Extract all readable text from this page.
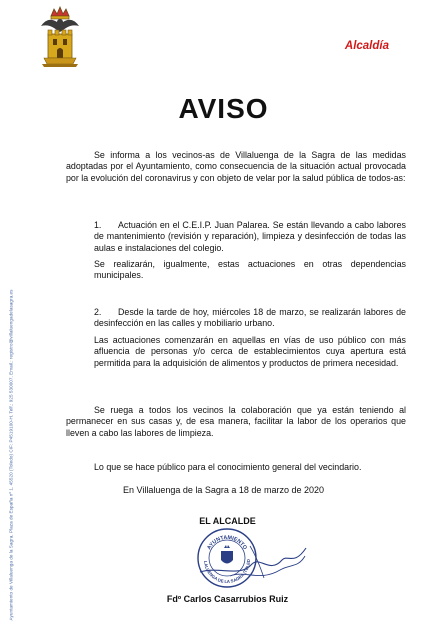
Alcaldía
Ayuntamiento de Villaluenga de la Sagra. Plaza de España nº 1. 45520 (Toledo) CIF: P4519100-H. Telf.: 925 530007. Email.: registro@villaluengadelasagra.es
AVISO

Se informa a los vecinos-as de Villaluenga de la Sagra de las medidas adoptadas por el Ayuntamiento, como consecuencia de la situación actual provocada por la evolución del coronavirus y con objeto de velar por la salud pública de todos-as:

1. Actuación en el C.E.I.P. Juan Palarea. Se están llevando a cabo labores de mantenimiento (revisión y reparación), limpieza y desinfección de todas las aulas e instalaciones del colegio.

Se realizarán, igualmente, estas actuaciones en otras dependencias municipales.

2. Desde la tarde de hoy, miércoles 18 de marzo, se realizarán labores de desinfección en las calles y mobiliario urbano.

Las actuaciones comenzarán en aquellas en vías de uso público con más afluencia de personas y/o cerca de establecimientos cuya apertura está permitida para la adquisición de alimentos y productos de primera necesidad.

Se ruega a todos los vecinos la colaboración que ya están teniendo al permanecer en sus casas y, de esa manera, facilitar la labor de los operarios que lleven a cabo las labores de limpieza.

Lo que se hace público para el conocimiento general del vecindario.

En Villaluenga de la Sagra a 18 de marzo de 2020
EL ALCALDE
AYUNTAMIENTO
LALUENGA DE LA SAGRA (TOLED
Fdº Carlos Casarrubios Ruiz
